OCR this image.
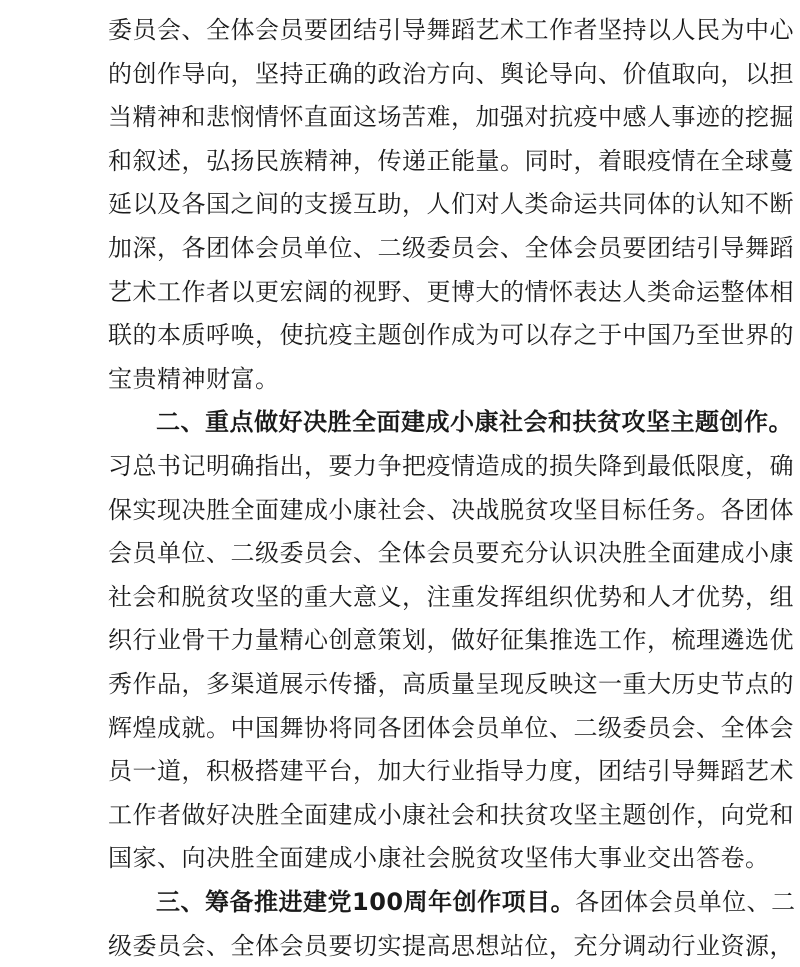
委员会、全体会员要团结引导舞蹈艺术工作者坚持以人民为中心
的创作导向，坚持正确的政治方向、舆论导向、价值取向，以担
当精神和悲悯情怀直面这场苦难，加强对抗疫中感人事迹的挖掘
和叙述，弘扬民族精神，传递正能量。同时，着眼疫情在全球蔓
延以及各国之间的支援互助，人们对人类命运共同体的认知不断
加深，各团体会员单位、二级委员会、全体会员要团结引导舞蹈
艺术工作者以更宏阔的视野、更博大的情怀表达人类命运整体相
联的本质呼唤，使抗疫主题创作成为可以存之于中国乃至世界的
宝贵精神财富。
二、重点做好决胜全面建成小康社会和扶贫攻坚主题创作。
习总书记明确指出，要力争把疫情造成的损失降到最低限度，确
保实现决胜全面建成小康社会、决战脱贫攻坚目标任务。各团体
会员单位、二级委员会、全体会员要充分认识决胜全面建成小康
社会和脱贫攻坚的重大意义，注重发挥组织优势和人才优势，组
织行业骨干力量精心创意策划，做好征集推选工作，梳理遴选优
秀作品，多渠道展示传播，高质量呈现反映这一重大历史节点的
辉煌成就。中国舞协将同各团体会员单位、二级委员会、全体会
员一道，积极搭建平台，加大行业指导力度，团结引导舞蹈艺术
工作者做好决胜全面建成小康社会和扶贫攻坚主题创作，向党和
国家、向决胜全面建成小康社会脱贫攻坚伟大事业交出答卷。
三、筹备推进建党100周年创作项目。各团体会员单位、二
级委员会、全体会员要切实提高思想站位，充分调动行业资源，
